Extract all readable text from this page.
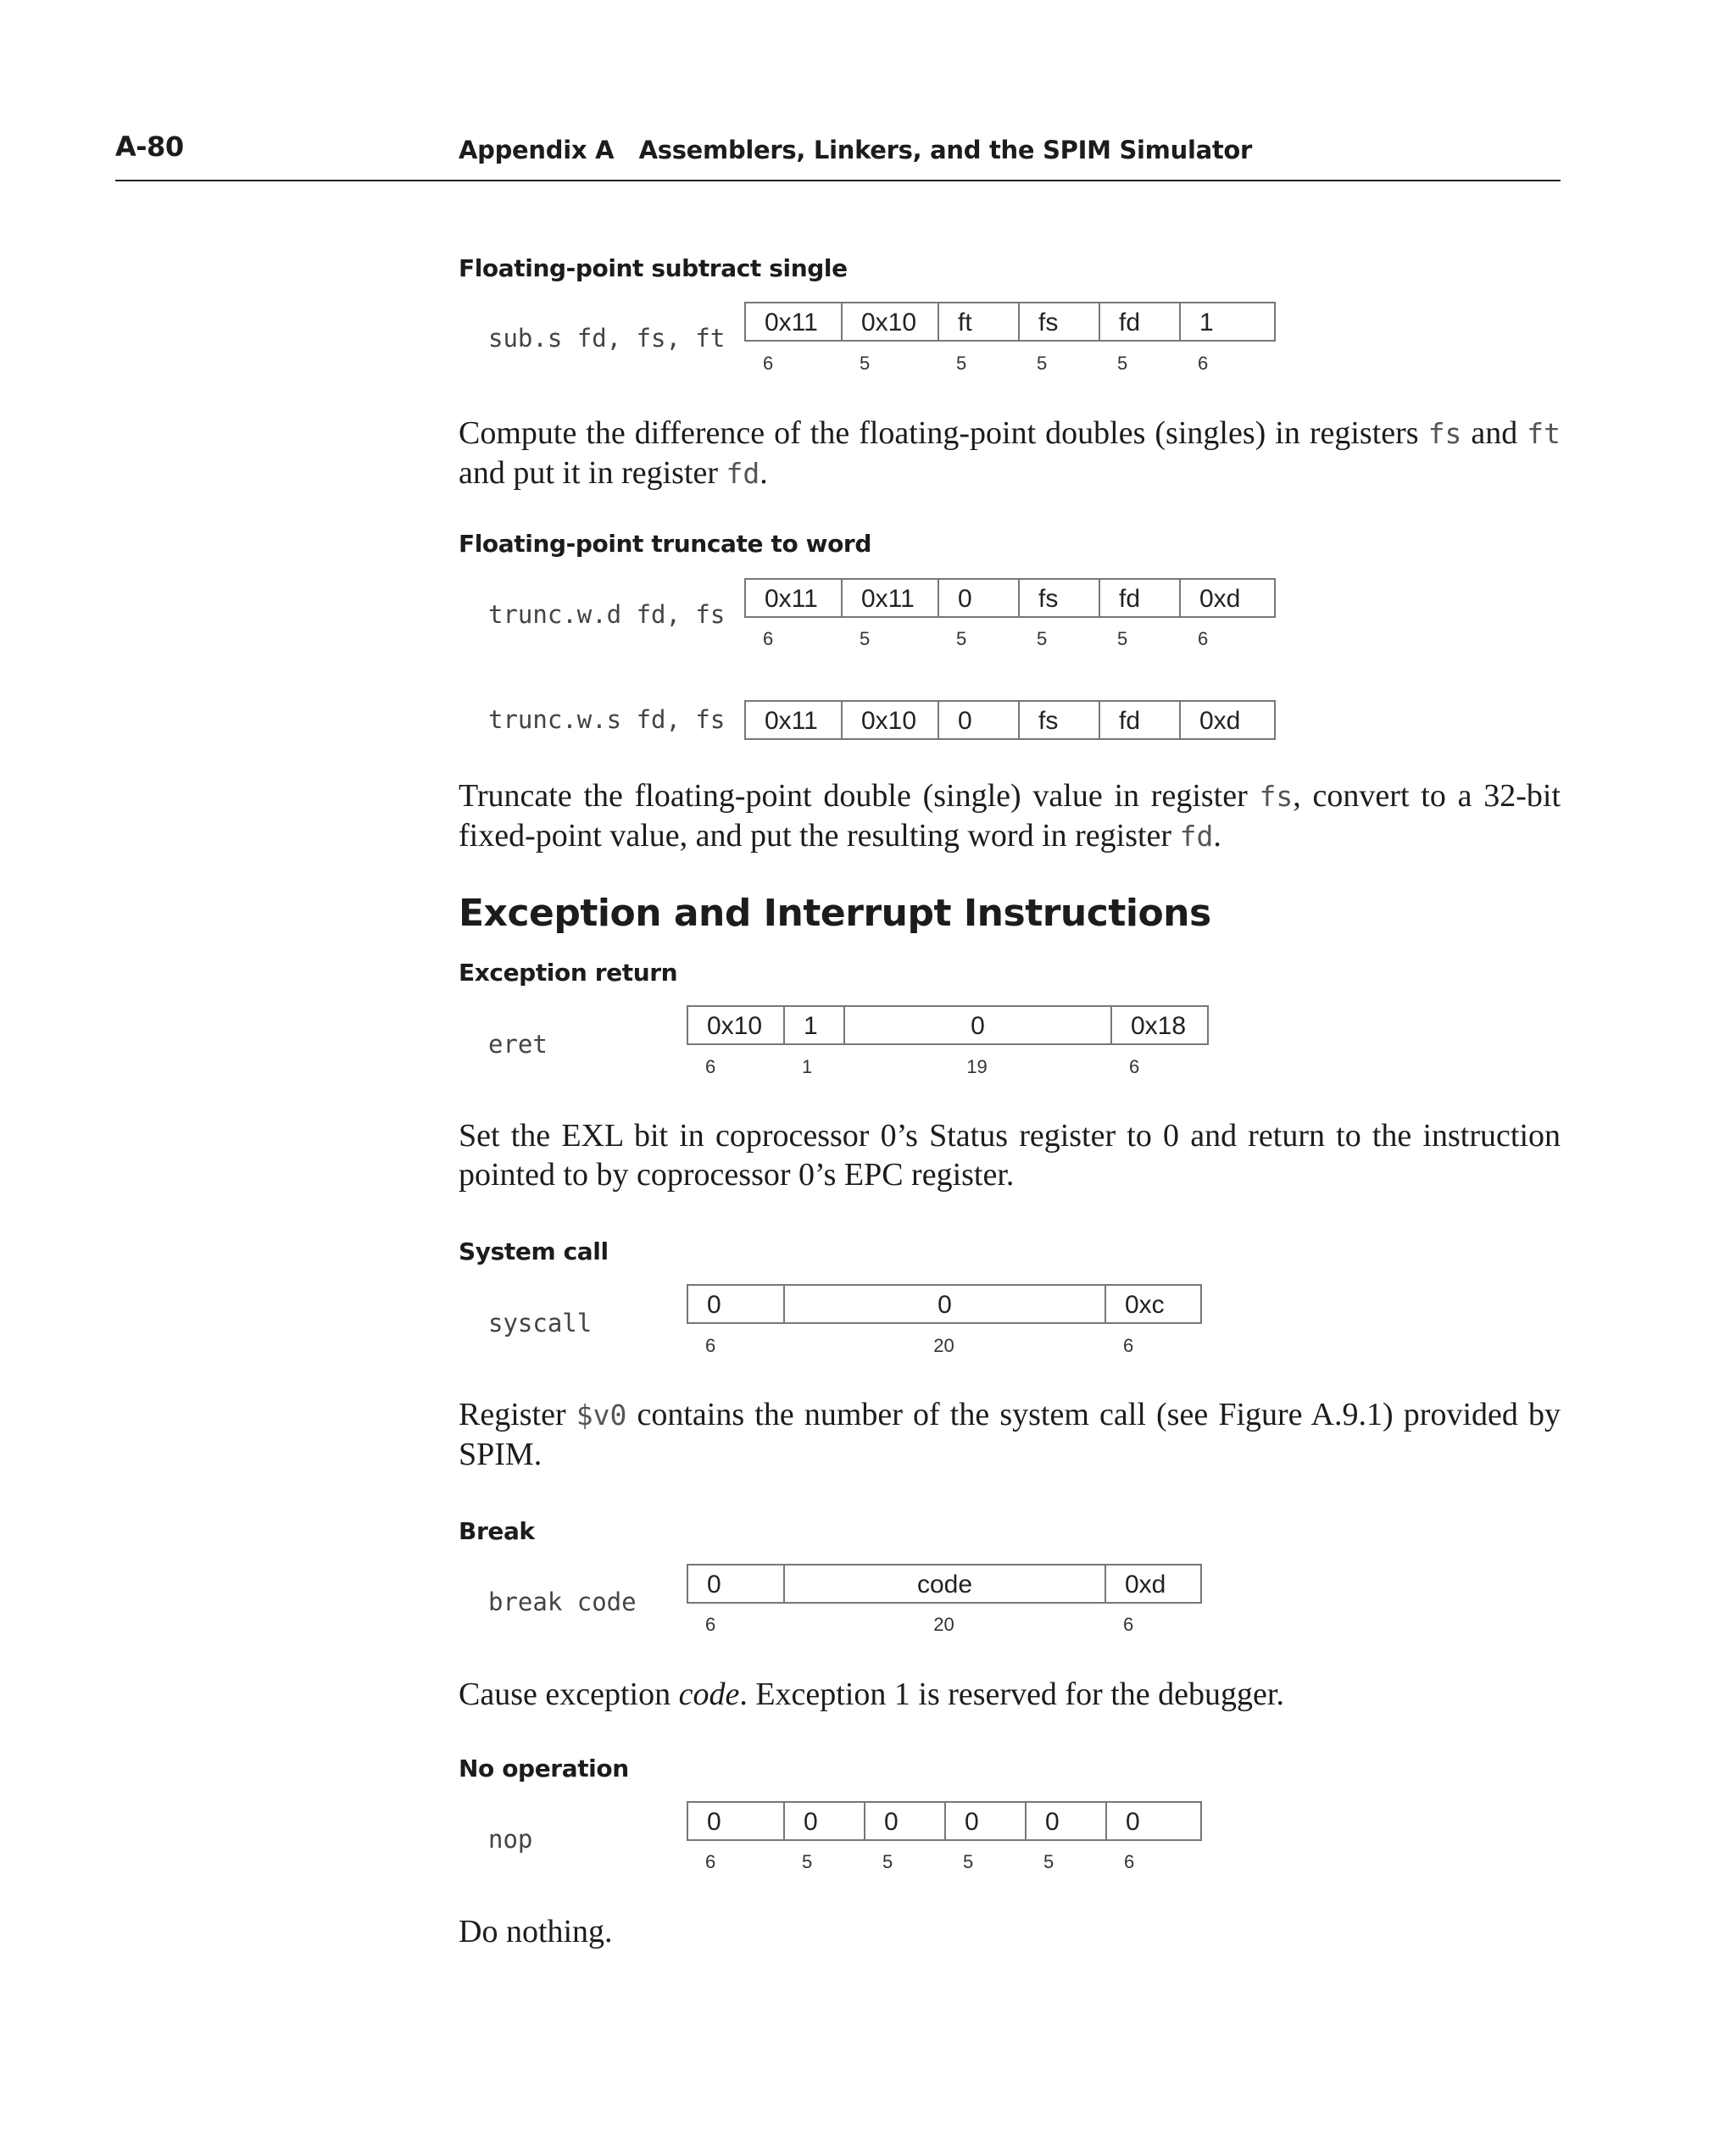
A-80	Appendix A   Assemblers, Linkers, and the SPIM Simulator
Floating-point subtract single
sub.s fd, fs, ft
0x11	0x10	ft	fs	fd	1
6	5	5	5	5	6
Compute the difference of the floating-point doubles (singles) in registers fs and ft and put it in register fd.
Floating-point truncate to word
trunc.w.d fd, fs
0x11	0x11	0	fs	fd	0xd
6	5	5	5	5	6
trunc.w.s fd, fs	0x11	0x10	0	fs	fd	0xd
Truncate the floating-point double (single) value in register fs, convert to a 32-bit fixed-point value, and put the resulting word in register fd.
Exception and Interrupt Instructions
Exception return
eret
0x10	1	0	0x18
6	1	19	6
Set the EXL bit in coprocessor 0’s Status register to 0 and return to the instruction pointed to by coprocessor 0’s EPC register.
System call
syscall
0	0	0xc
6	20	6
Register $v0 contains the number of the system call (see Figure A.9.1) provided by SPIM.
Break
break code
0	code	0xd
6	20	6
Cause exception code. Exception 1 is reserved for the debugger.
No operation
nop
0	0	0	0	0	0
6	5	5	5	5	6
Do nothing.
